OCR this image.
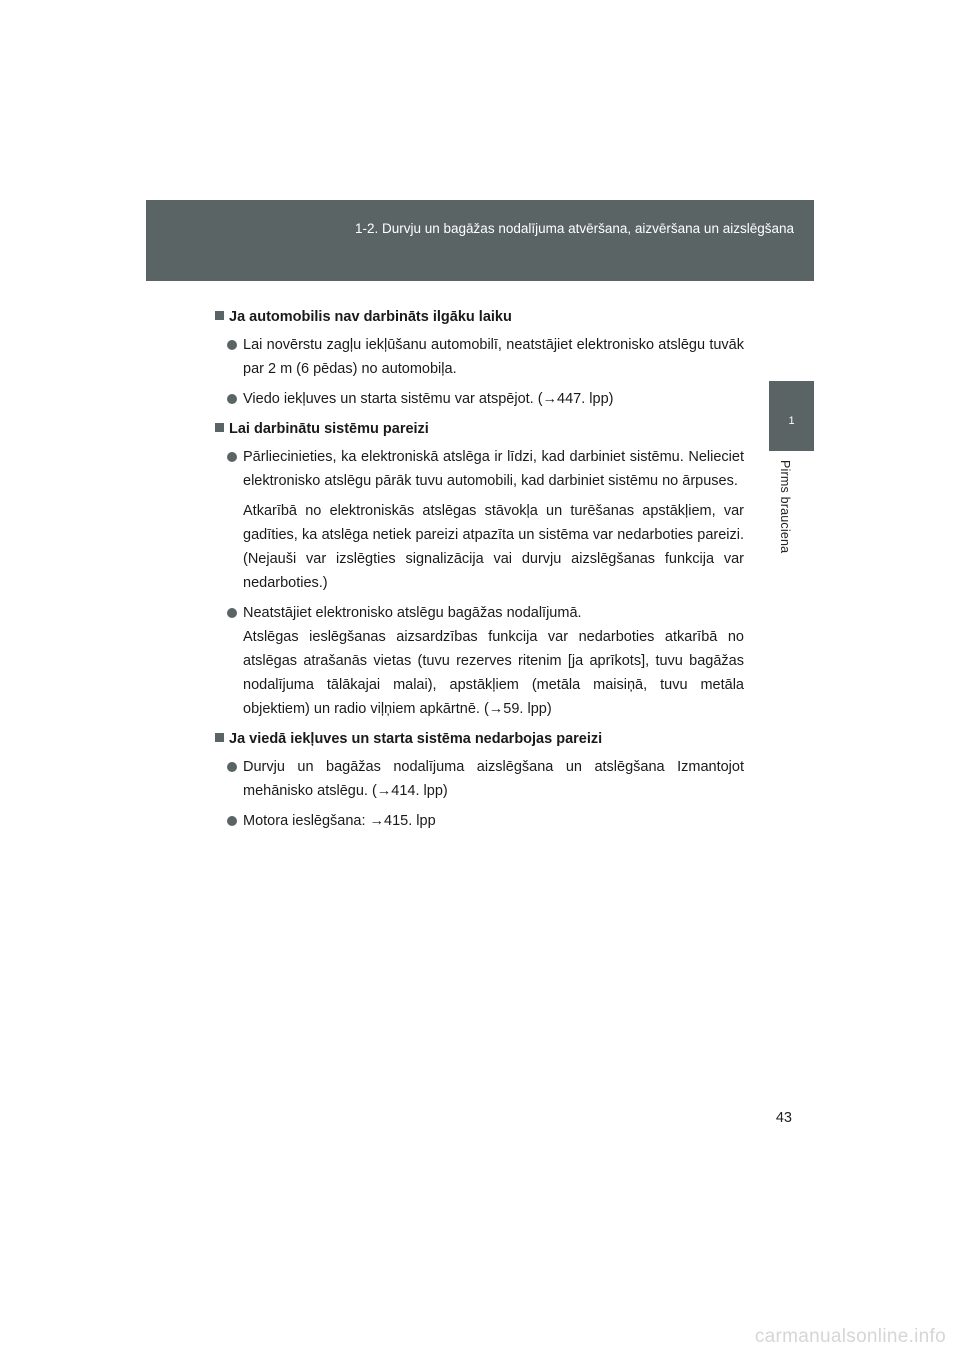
1-2. Durvju un bagāžas nodalījuma atvēršana, aizvēršana un aizslēgšana
1
Pirms brauciena
Ja automobilis nav darbināts ilgāku laiku
Lai novērstu zagļu iekļūšanu automobilī, neatstājiet elektronisko atslēgu tuvāk par 2 m (6 pēdas) no automobiļa.
Viedo iekļuves un starta sistēmu var atspējot. (→447. lpp)
Lai darbinātu sistēmu pareizi
Pārliecinieties, ka elektroniskā atslēga ir līdzi, kad darbiniet sistēmu. Nelieciet elektronisko atslēgu pārāk tuvu automobili, kad darbiniet sistēmu no ārpuses.
Atkarībā no elektroniskās atslēgas stāvokļa un turēšanas apstākļiem, var gadīties, ka atslēga netiek pareizi atpazīta un sistēma var nedarboties pareizi. (Nejauši var izslēgties signalizācija vai durvju aizslēgšanas funkcija var nedarboties.)
Neatstājiet elektronisko atslēgu bagāžas nodalījumā.
Atslēgas ieslēgšanas aizsardzības funkcija var nedarboties atkarībā no atslēgas atrašanās vietas (tuvu rezerves ritenim [ja aprīkots], tuvu bagāžas nodalījuma tālākajai malai), apstākļiem (metāla maisiņā, tuvu metāla objektiem) un radio viļņiem apkārtnē. (→59. lpp)
Ja viedā iekļuves un starta sistēma nedarbojas pareizi
Durvju un bagāžas nodalījuma aizslēgšana un atslēgšana Izmantojot mehānisko atslēgu. (→414. lpp)
Motora ieslēgšana: →415. lpp
43
carmanualsonline.info
